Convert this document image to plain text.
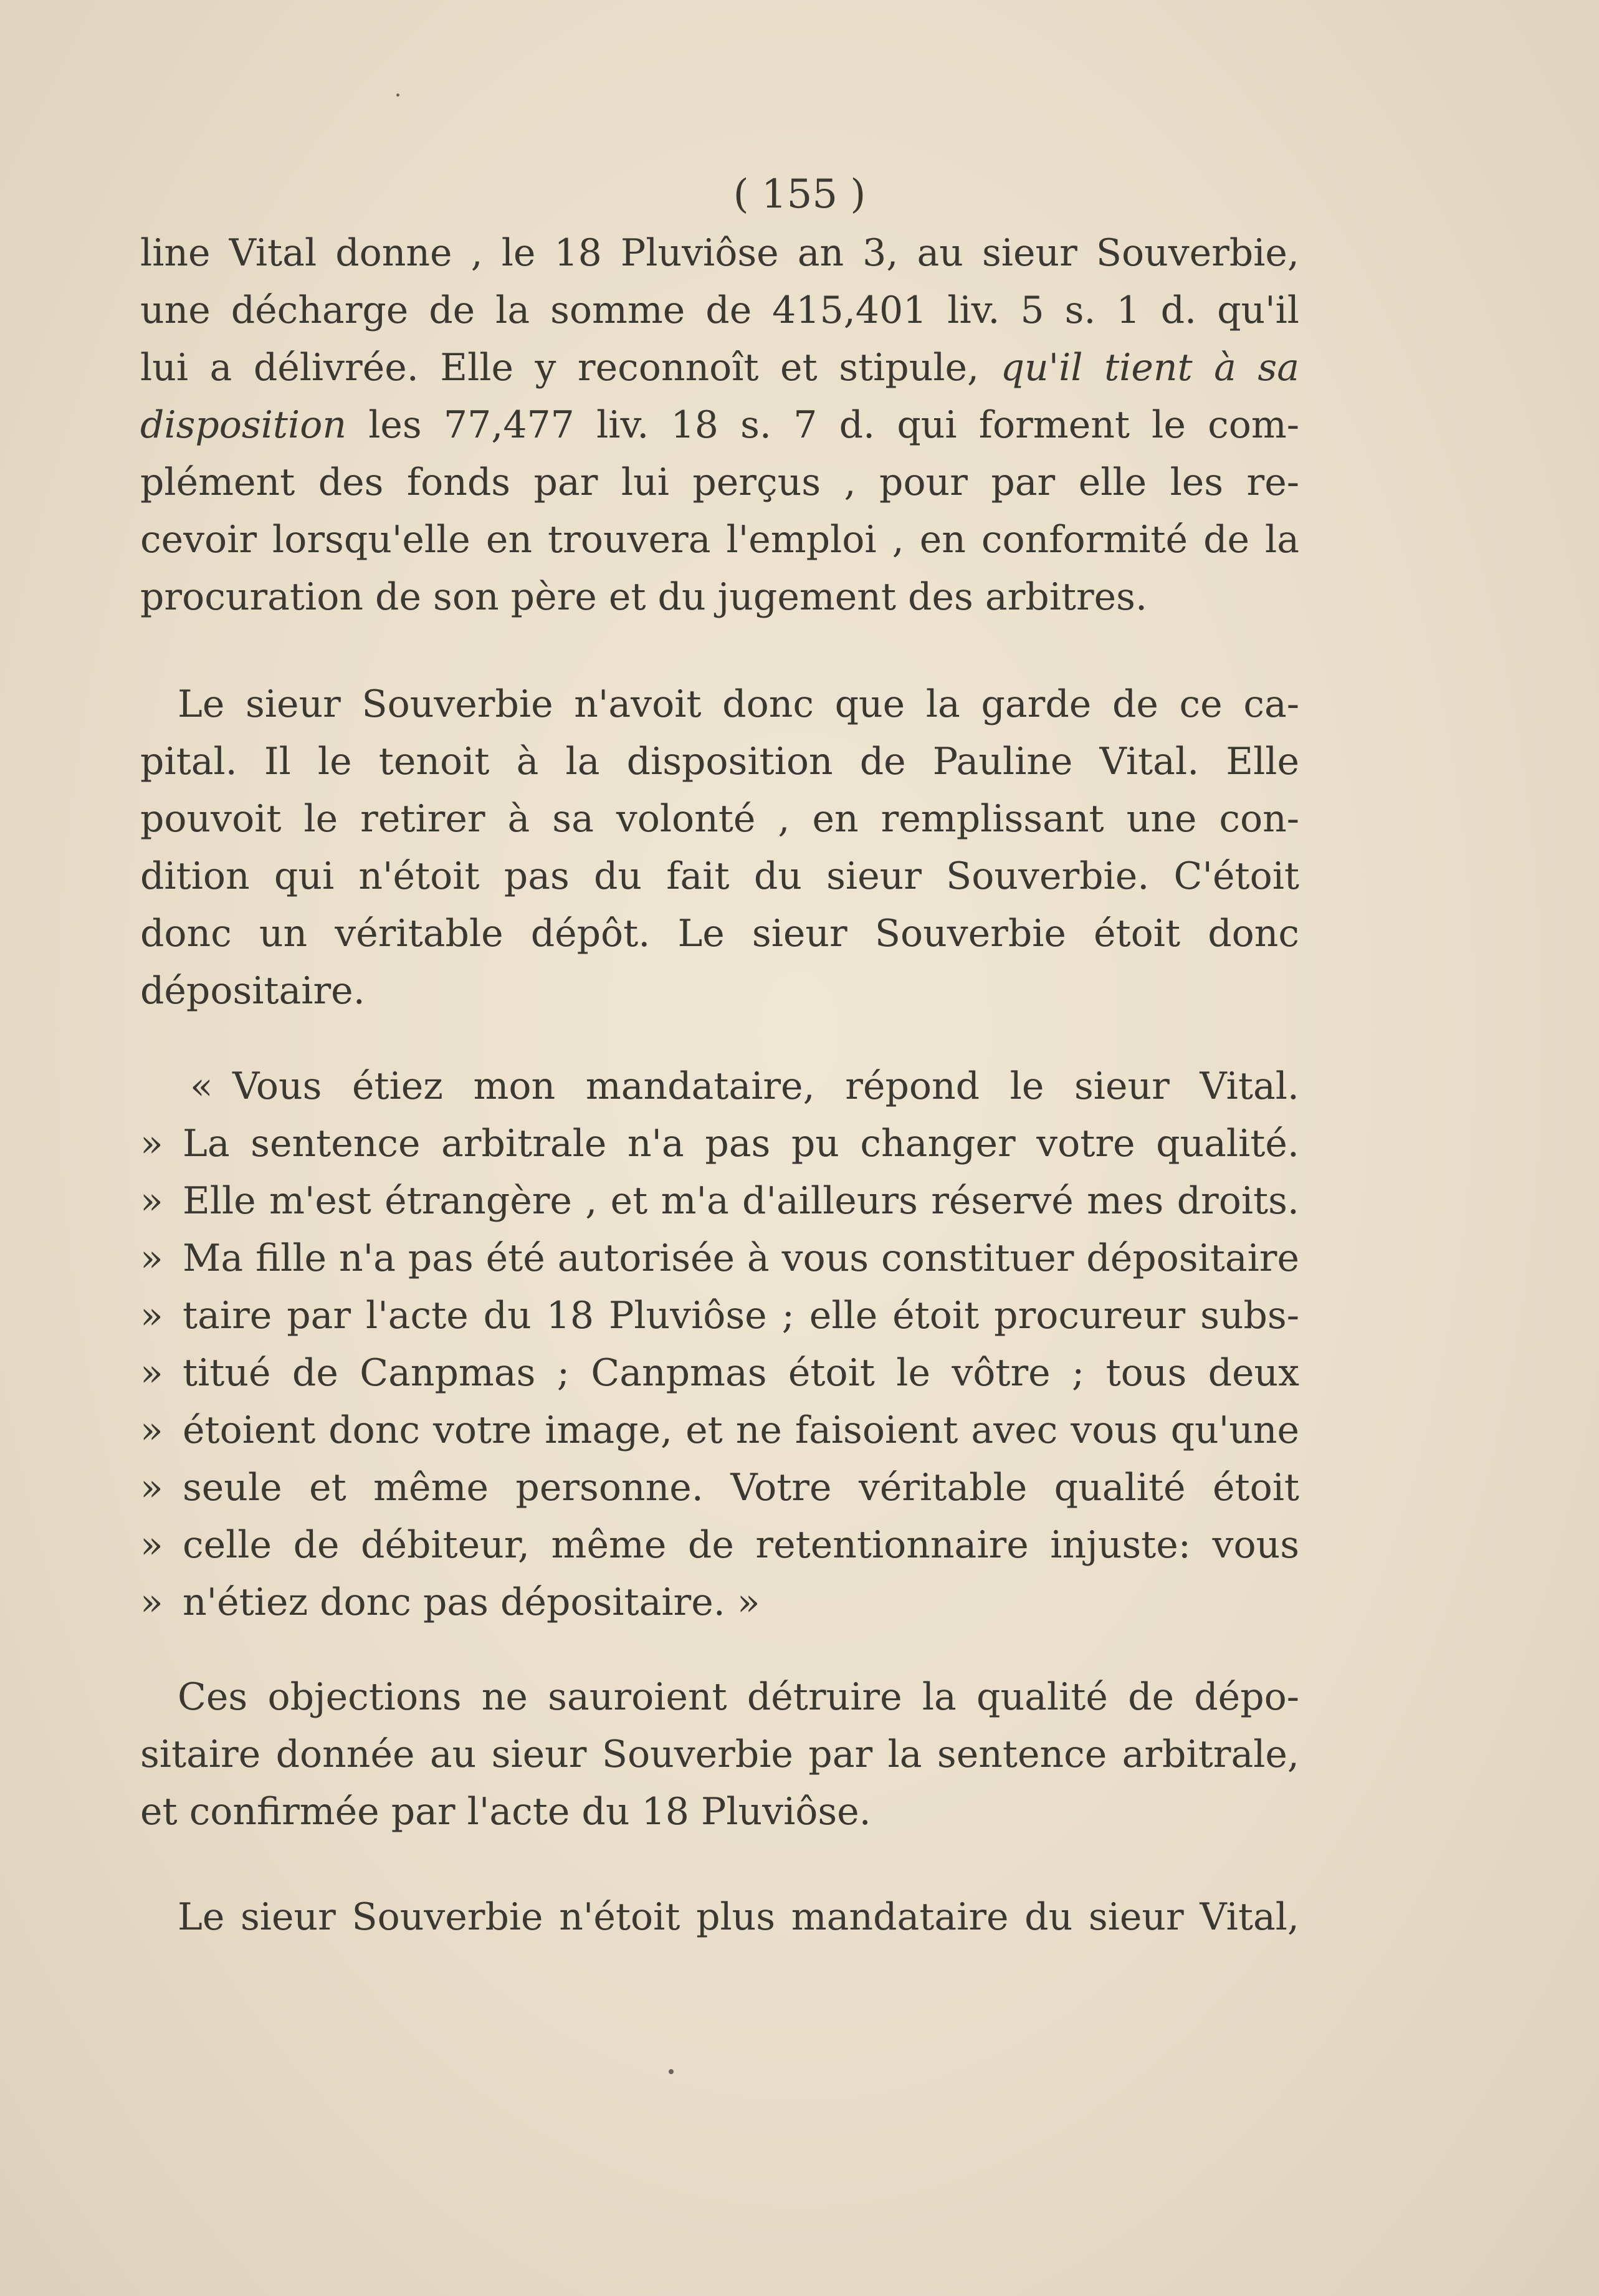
( 155 )
line Vital donne , le 18 Pluviôse an 3, au sieur Souverbie,
une décharge de la somme de 415,401 liv. 5 s. 1 d. qu'il
lui a délivrée. Elle y reconnoît et stipule, qu'il tient à sa
disposition les 77,477 liv. 18 s. 7 d. qui forment le com-
plément des fonds par lui perçus , pour par elle les re-
cevoir lorsqu'elle en trouvera l'emploi , en conformité de la
procuration de son père et du jugement des arbitres.
Le sieur Souverbie n'avoit donc que la garde de ce ca-
pital. Il le tenoit à la disposition de Pauline Vital. Elle
pouvoit le retirer à sa volonté , en remplissant une con-
dition qui n'étoit pas du fait du sieur Souverbie. C'étoit
donc un véritable dépôt. Le sieur Souverbie étoit donc
dépositaire.
« Vous étiez mon mandataire, répond le sieur Vital.
» La sentence arbitrale n'a pas pu changer votre qualité.
» Elle m'est étrangère , et m'a d'ailleurs réservé mes droits.
» Ma fille n'a pas été autorisée à vous constituer dépositaire
» taire par l'acte du 18 Pluviôse ; elle étoit procureur subs-
» titué de Canpmas ; Canpmas étoit le vôtre ; tous deux
» étoient donc votre image, et ne faisoient avec vous qu'une
» seule et même personne. Votre véritable qualité étoit
» celle de débiteur, même de retentionnaire injuste: vous
» n'étiez donc pas dépositaire. »
Ces objections ne sauroient détruire la qualité de dépo-
sitaire donnée au sieur Souverbie par la sentence arbitrale,
et confirmée par l'acte du 18 Pluviôse.
Le sieur Souverbie n'étoit plus mandataire du sieur Vital,
